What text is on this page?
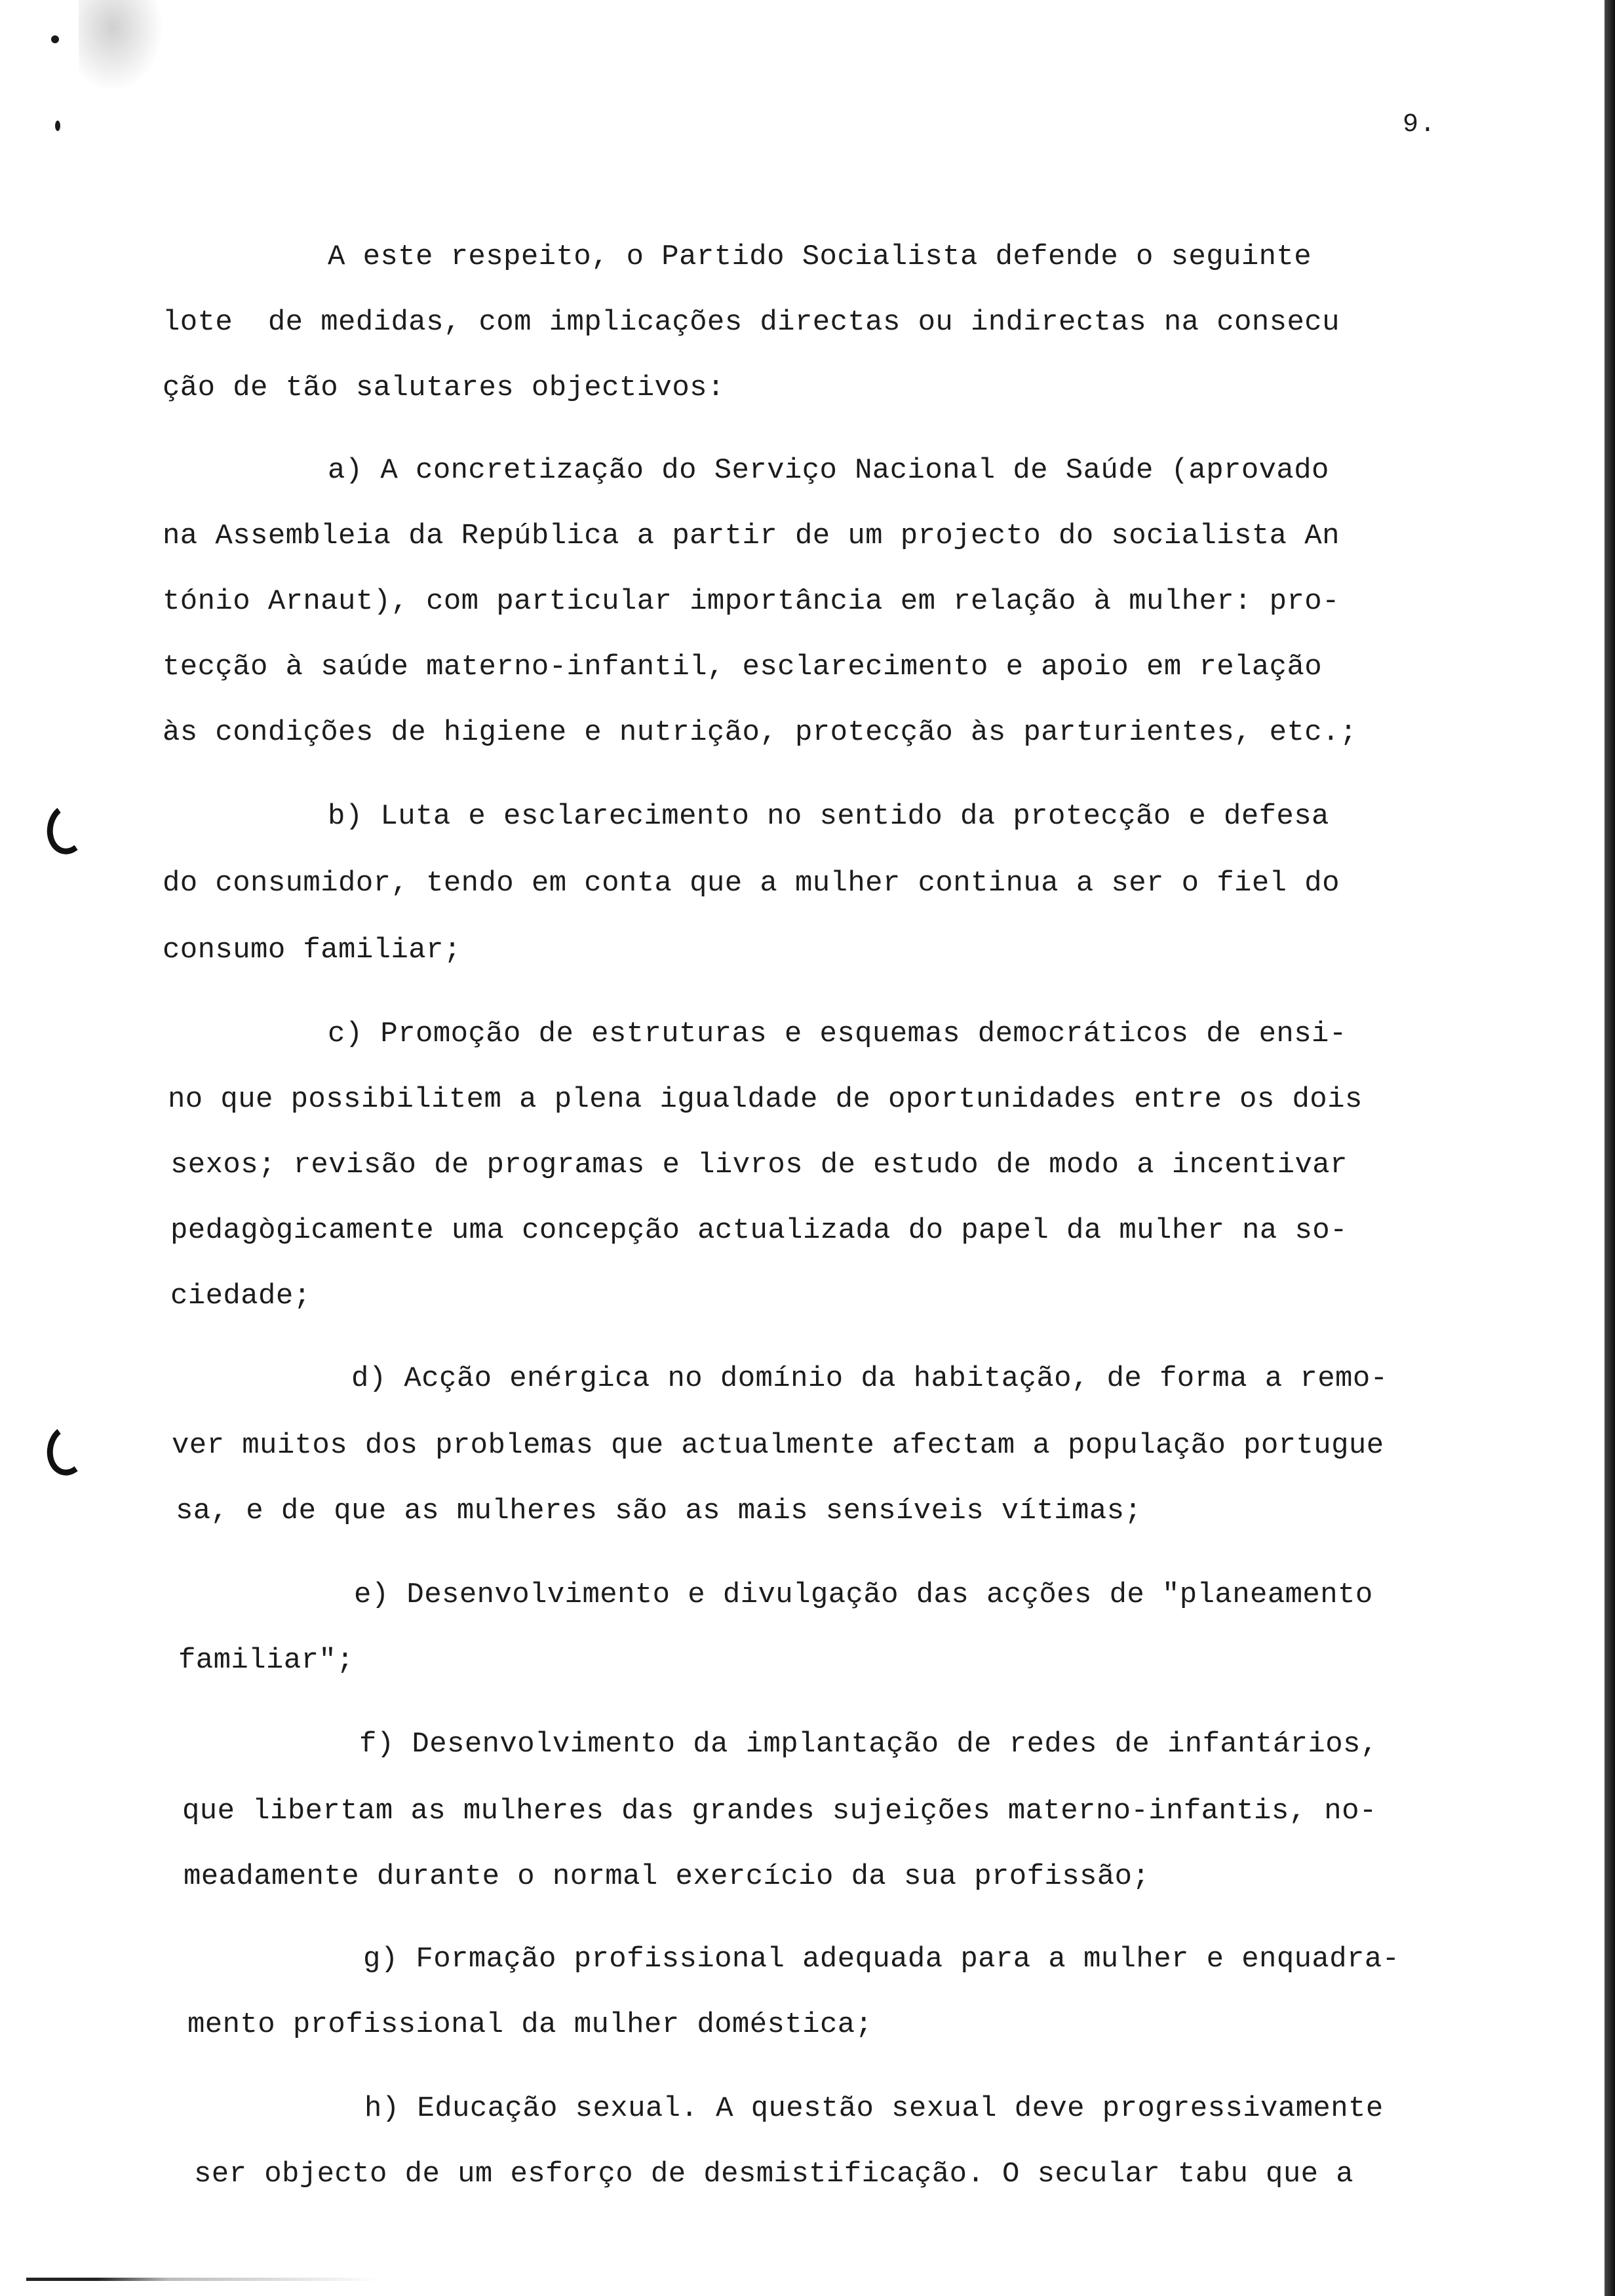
9.
A este respeito, o Partido Socialista defende o seguinte
lote  de medidas, com implicações directas ou indirectas na consecu
ção de tão salutares objectivos:
a) A concretização do Serviço Nacional de Saúde (aprovado
na Assembleia da República a partir de um projecto do socialista An
tónio Arnaut), com particular importância em relação à mulher: pro-
tecção à saúde materno-infantil, esclarecimento e apoio em relação
às condições de higiene e nutrição, protecção às parturientes, etc.;
b) Luta e esclarecimento no sentido da protecção e defesa
do consumidor, tendo em conta que a mulher continua a ser o fiel do
consumo familiar;
c) Promoção de estruturas e esquemas democráticos de ensi-
no que possibilitem a plena igualdade de oportunidades entre os dois
sexos; revisão de programas e livros de estudo de modo a incentivar
pedagògicamente uma concepção actualizada do papel da mulher na so-
ciedade;
d) Acção enérgica no domínio da habitação, de forma a remo-
ver muitos dos problemas que actualmente afectam a população portugue
sa, e de que as mulheres são as mais sensíveis vítimas;
e) Desenvolvimento e divulgação das acções de "planeamento
familiar";
f) Desenvolvimento da implantação de redes de infantários,
que libertam as mulheres das grandes sujeições materno-infantis, no-
meadamente durante o normal exercício da sua profissão;
g) Formação profissional adequada para a mulher e enquadra-
mento profissional da mulher doméstica;
h) Educação sexual. A questão sexual deve progressivamente
ser objecto de um esforço de desmistificação. O secular tabu que a
